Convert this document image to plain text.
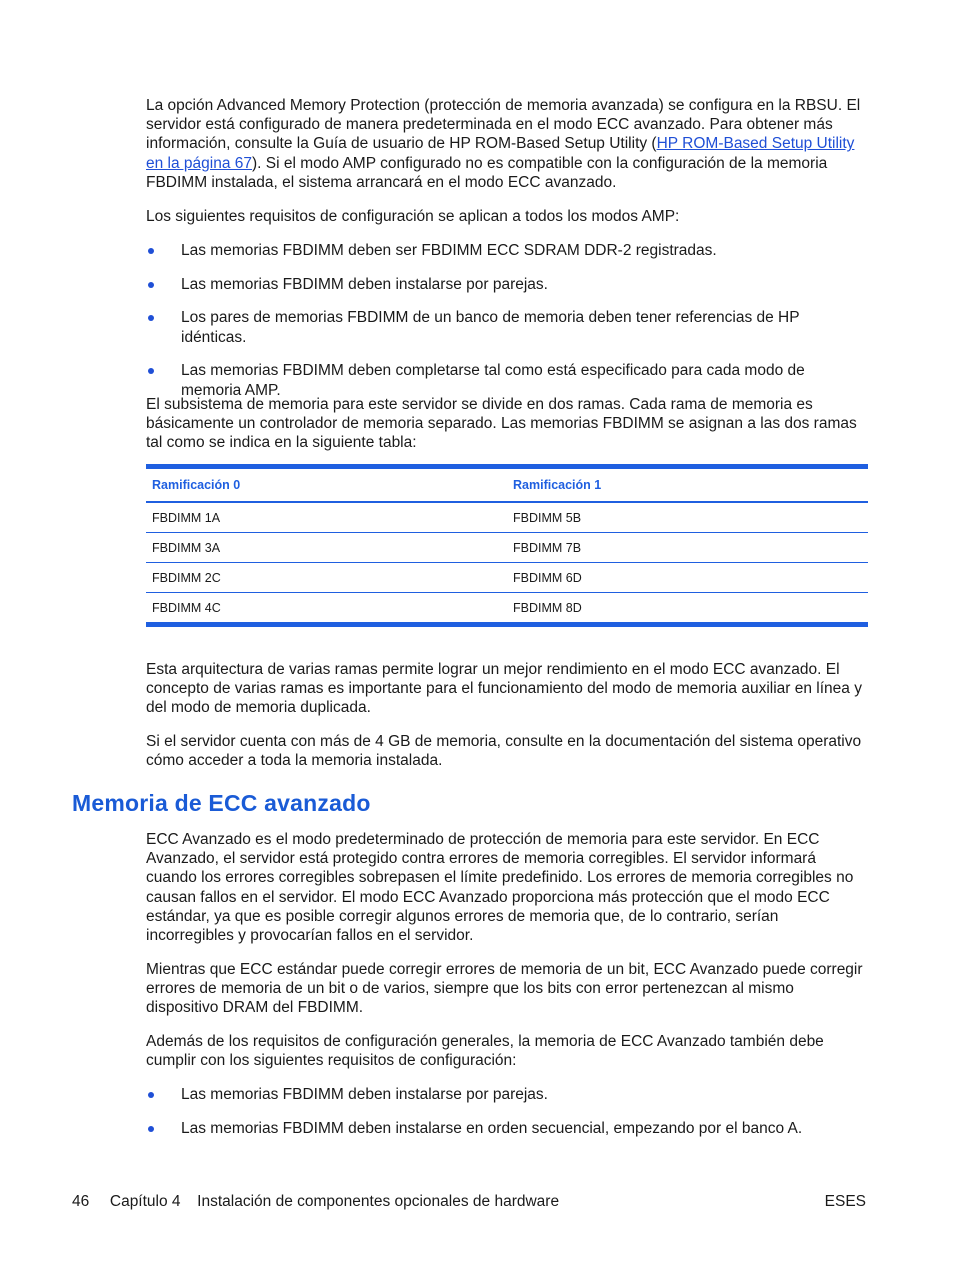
La opción Advanced Memory Protection (protección de memoria avanzada) se configura en la RBSU. El servidor está configurado de manera predeterminada en el modo ECC avanzado. Para obtener más información, consulte la Guía de usuario de HP ROM-Based Setup Utility (HP ROM-Based Setup Utility en la página 67). Si el modo AMP configurado no es compatible con la configuración de la memoria FBDIMM instalada, el sistema arrancará en el modo ECC avanzado.

Los siguientes requisitos de configuración se aplican a todos los modos AMP:

Las memorias FBDIMM deben ser FBDIMM ECC SDRAM DDR-2 registradas.
Las memorias FBDIMM deben instalarse por parejas.
Los pares de memorias FBDIMM de un banco de memoria deben tener referencias de HP idénticas.
Las memorias FBDIMM deben completarse tal como está especificado para cada modo de memoria AMP.

El subsistema de memoria para este servidor se divide en dos ramas. Cada rama de memoria es básicamente un controlador de memoria separado. Las memorias FBDIMM se asignan a las dos ramas tal como se indica en la siguiente tabla:

Ramificación 0	Ramificación 1
FBDIMM 1A	FBDIMM 5B
FBDIMM 3A	FBDIMM 7B
FBDIMM 2C	FBDIMM 6D
FBDIMM 4C	FBDIMM 8D

Esta arquitectura de varias ramas permite lograr un mejor rendimiento en el modo ECC avanzado. El concepto de varias ramas es importante para el funcionamiento del modo de memoria auxiliar en línea y del modo de memoria duplicada.

Si el servidor cuenta con más de 4 GB de memoria, consulte en la documentación del sistema operativo cómo acceder a toda la memoria instalada.

Memoria de ECC avanzado

ECC Avanzado es el modo predeterminado de protección de memoria para este servidor. En ECC Avanzado, el servidor está protegido contra errores de memoria corregibles. El servidor informará cuando los errores corregibles sobrepasen el límite predefinido. Los errores de memoria corregibles no causan fallos en el servidor. El modo ECC Avanzado proporciona más protección que el modo ECC estándar, ya que es posible corregir algunos errores de memoria que, de lo contrario, serían incorregibles y provocarían fallos en el servidor.

Mientras que ECC estándar puede corregir errores de memoria de un bit, ECC Avanzado puede corregir errores de memoria de un bit o de varios, siempre que los bits con error pertenezcan al mismo dispositivo DRAM del FBDIMM.

Además de los requisitos de configuración generales, la memoria de ECC Avanzado también debe cumplir con los siguientes requisitos de configuración:

Las memorias FBDIMM deben instalarse por parejas.
Las memorias FBDIMM deben instalarse en orden secuencial, empezando por el banco A.
46 Capítulo 4 Instalación de componentes opcionales de hardware	ESES
